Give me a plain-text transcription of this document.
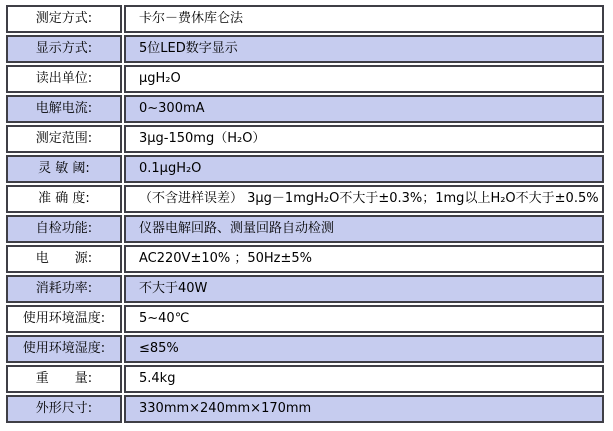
测定方式:	卡尔－费休库仑法
显示方式:	5位LED数字显示
读出单位:	μgH₂O
电解电流:	0~300mA
测定范围:	3μg-150mg（H₂O）
灵 敏 阈:	0.1μgH₂O
准 确 度:	（不含进样误差） 3μg－1mgH₂O不大于±0.3%；1mg以上H₂O不大于±0.5%
自检功能:	仪器电解回路、测量回路自动检测
电　　源:	AC220V±10% ；50Hz±5%
消耗功率:	不大于40W
使用环境温度:	5~40℃
使用环境湿度:	≤85%
重　　量:	5.4kg
外形尺寸:	330mm×240mm×170mm
